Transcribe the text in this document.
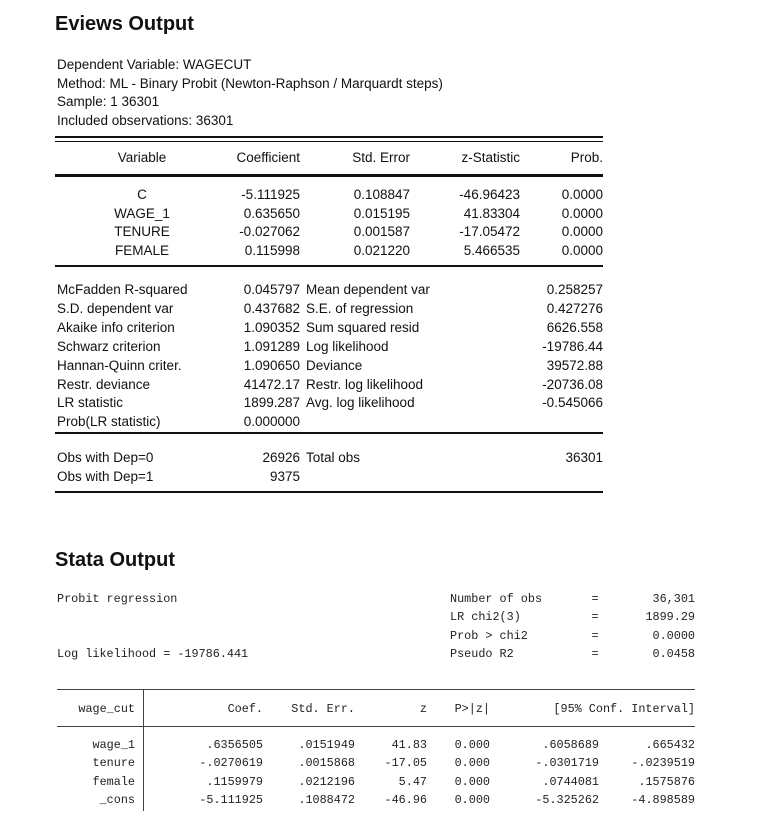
Eviews Output
Dependent Variable: WAGECUT
Method: ML - Binary Probit (Newton-Raphson / Marquardt steps)
Sample: 1 36301
Included observations: 36301
Variable	Coefficient	Std. Error	z-Statistic	Prob.
C	-5.111925	0.108847	-46.96423	0.0000
WAGE_1	0.635650	0.015195	41.83304	0.0000
TENURE	-0.027062	0.001587	-17.05472	0.0000
FEMALE	0.115998	0.021220	5.466535	0.0000
McFadden R-squared	0.045797 Mean dependent var	0.258257
S.D. dependent var	0.437682 S.E. of regression	0.427276
Akaike info criterion	1.090352 Sum squared resid	6626.558
Schwarz criterion	1.091289 Log likelihood	-19786.44
Hannan-Quinn criter.	1.090650 Deviance	39572.88
Restr. deviance	41472.17 Restr. log likelihood	-20736.08
LR statistic	1899.287 Avg. log likelihood	-0.545066
Prob(LR statistic)	0.000000
Obs with Dep=0	26926 Total obs	36301
Obs with Dep=1	9375
Stata Output
Probit regression
Log likelihood = -19786.441
Number of obs	=	36,301
LR chi2(3)	=	1899.29
Prob > chi2	=	0.0000
Pseudo R2	=	0.0458
wage_cut	Coef.	Std. Err.	z	P>|z|	[95% Conf. Interval]
wage_1	.6356505	.0151949	41.83	0.000	.6058689	.665432
tenure	-.0270619	.0015868	-17.05	0.000	-.0301719	-.0239519
female	.1159979	.0212196	5.47	0.000	.0744081	.1575876
_cons	-5.111925	.1088472	-46.96	0.000	-5.325262	-4.898589
